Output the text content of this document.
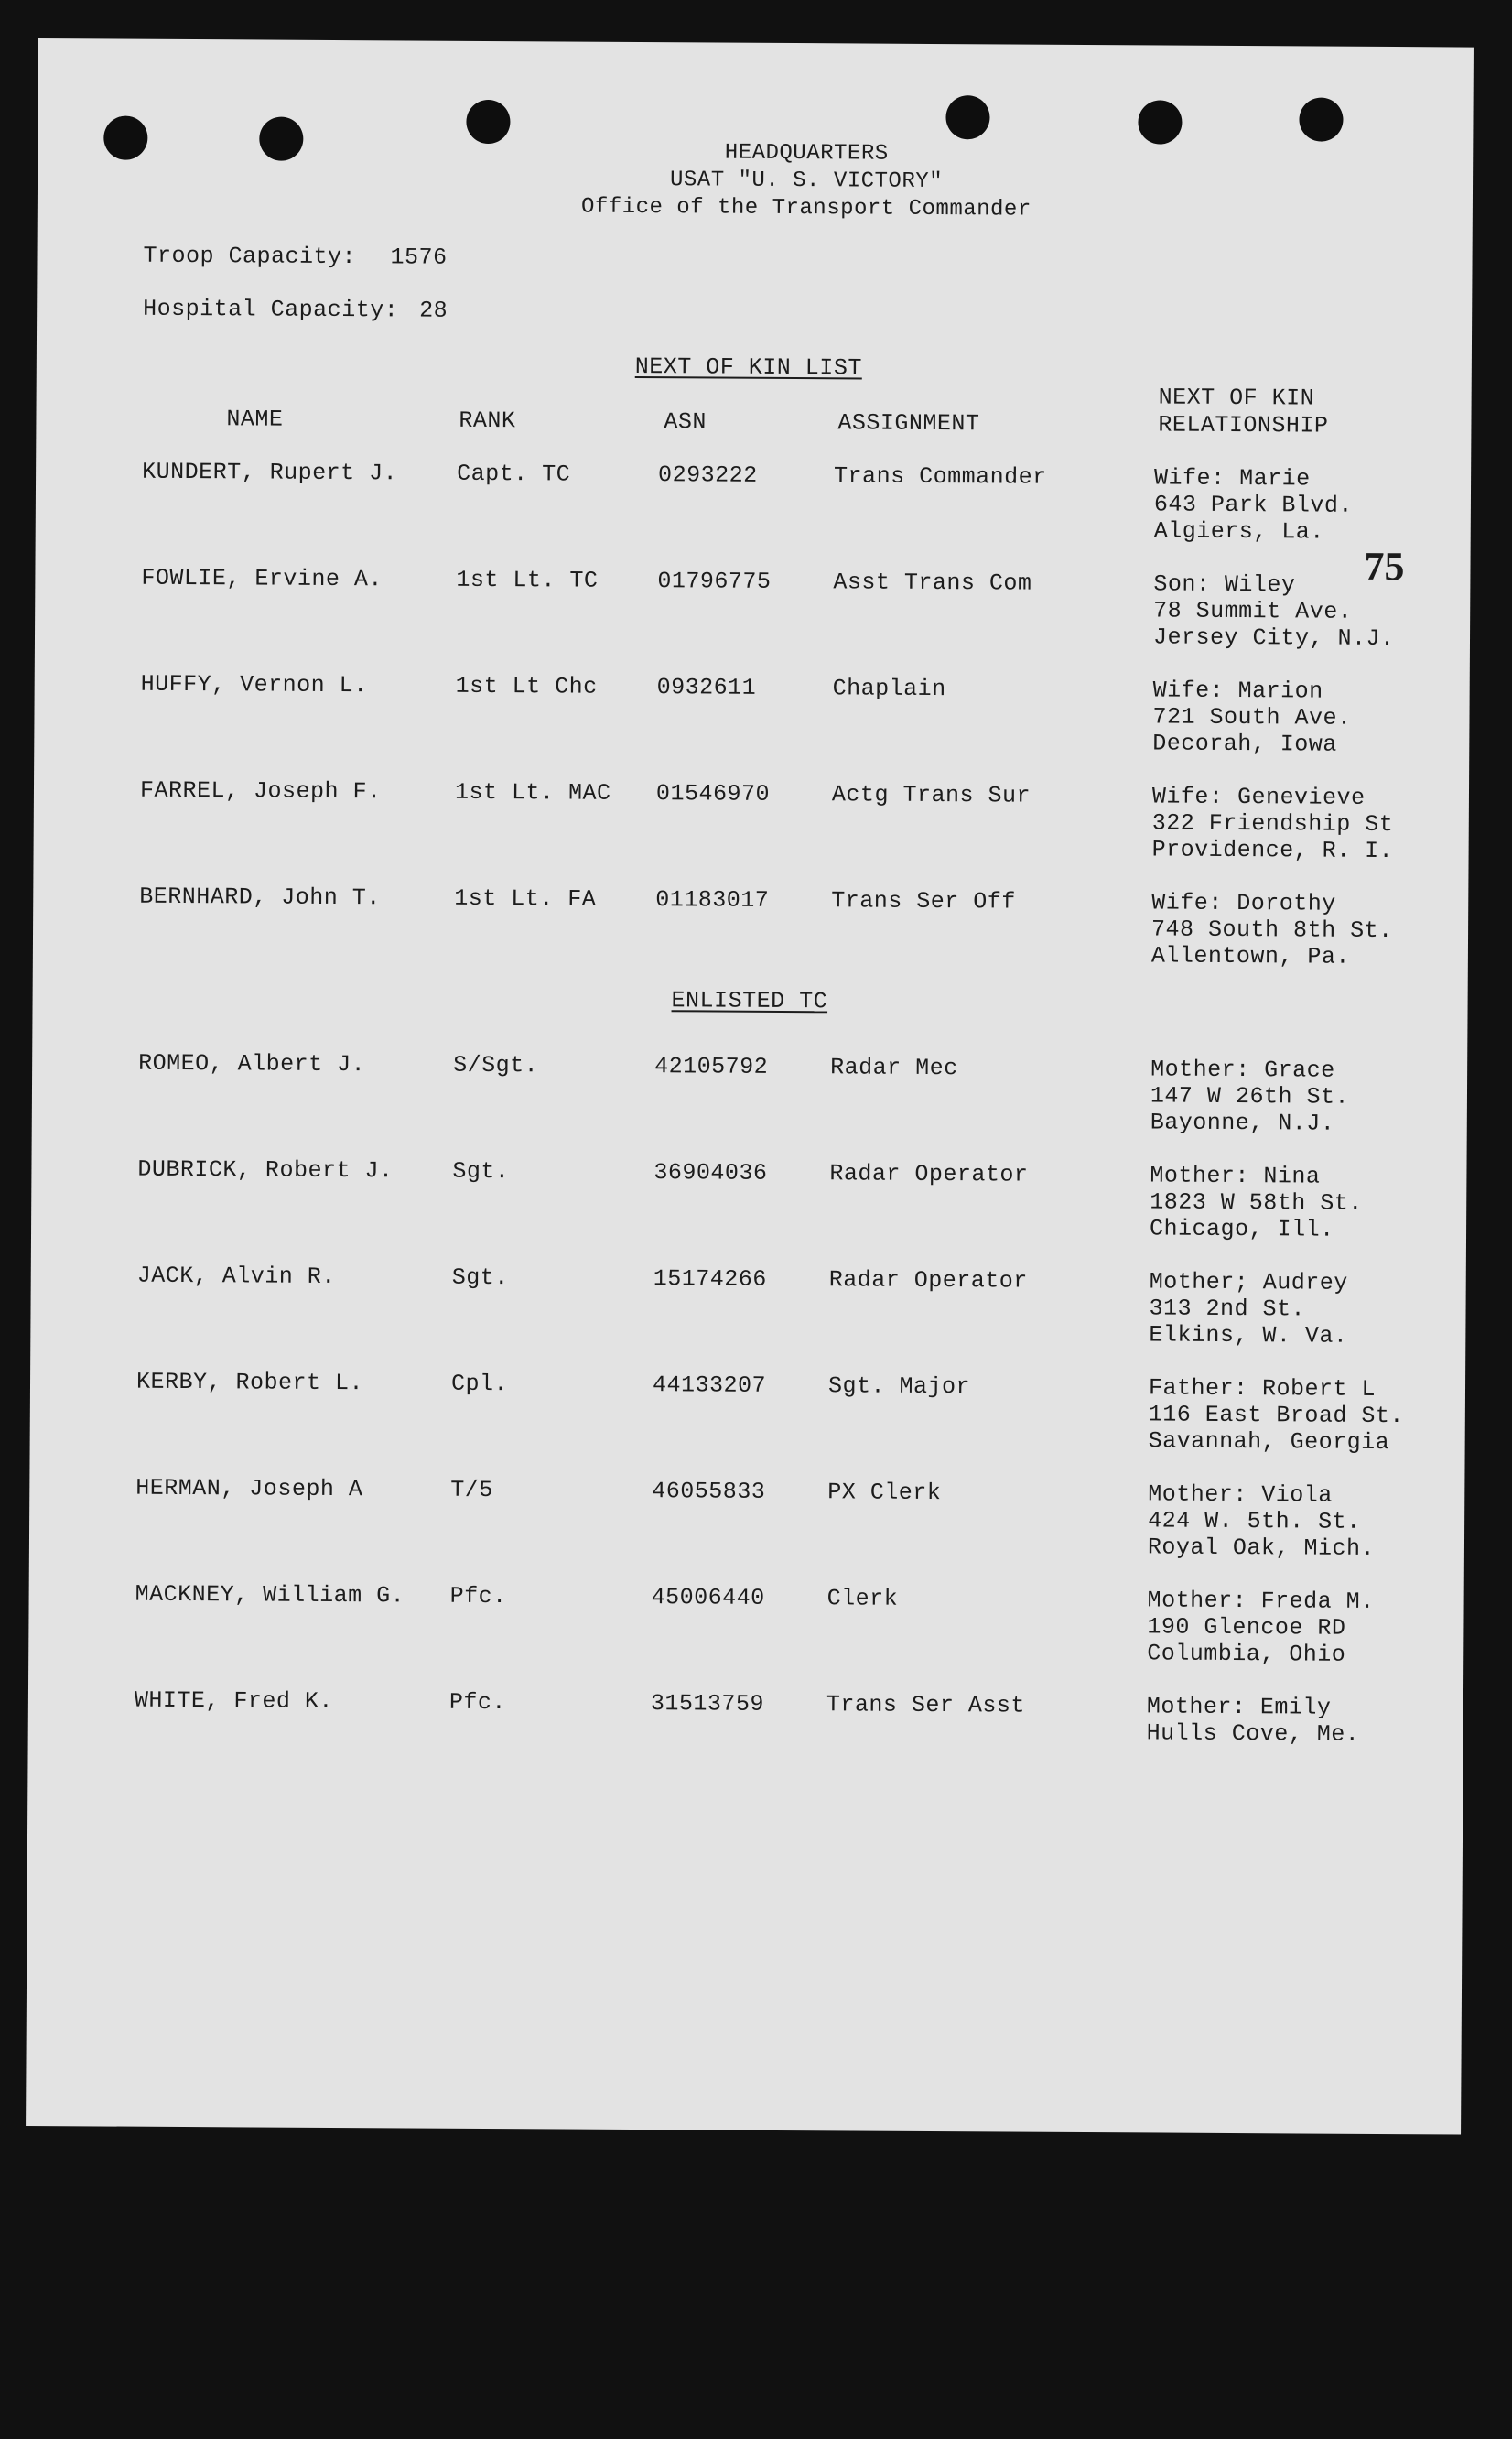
HEADQUARTERS
USAT "U. S. VICTORY"
Office of the Transport Commander
Troop Capacity: 1576
Hospital Capacity: 28
NEXT OF KIN LIST
NAME	RANK	ASN	ASSIGNMENT
NEXT OF KIN
RELATIONSHIP
75
KUNDERT, Rupert J.	Capt. TC	0293222	Trans Commander	Wife: Marie
643 Park Blvd.
Algiers, La.
FOWLIE, Ervine A.	1st Lt. TC	01796775	Asst Trans Com	Son: Wiley
78 Summit Ave.
Jersey City, N.J.
HUFFY, Vernon L.	1st Lt Chc	0932611	Chaplain	Wife: Marion
721 South Ave.
Decorah, Iowa
FARREL, Joseph F.	1st Lt. MAC 01546970	Actg Trans Sur	Wife: Genevieve
322 Friendship St
Providence, R. I.
BERNHARD, John T.	1st Lt. FA	01183017	Trans Ser Off	Wife: Dorothy
748 South 8th St.
Allentown, Pa.
ENLISTED TC
ROMEO, Albert J.	S/Sgt.	42105792	Radar Mec	Mother: Grace
147 W 26th St.
Bayonne, N.J.
DUBRICK, Robert J.	Sgt.	36904036	Radar Operator	Mother: Nina
1823 W 58th St.
Chicago, Ill.
JACK, Alvin R.	Sgt.	15174266	Radar Operator	Mother; Audrey
313 2nd St.
Elkins, W. Va.
KERBY, Robert L.	Cpl.	44133207	Sgt. Major	Father: Robert L
116 East Broad St.
Savannah, Georgia
HERMAN, Joseph A	T/5	46055833	PX Clerk	Mother: Viola
424 W. 5th. St.
Royal Oak, Mich.
MACKNEY, William G. Pfc.	45006440	Clerk	Mother: Freda M.
190 Glencoe RD
Columbia, Ohio
WHITE, Fred K.	Pfc.	31513759	Trans Ser Asst	Mother: Emily
Hulls Cove, Me.
